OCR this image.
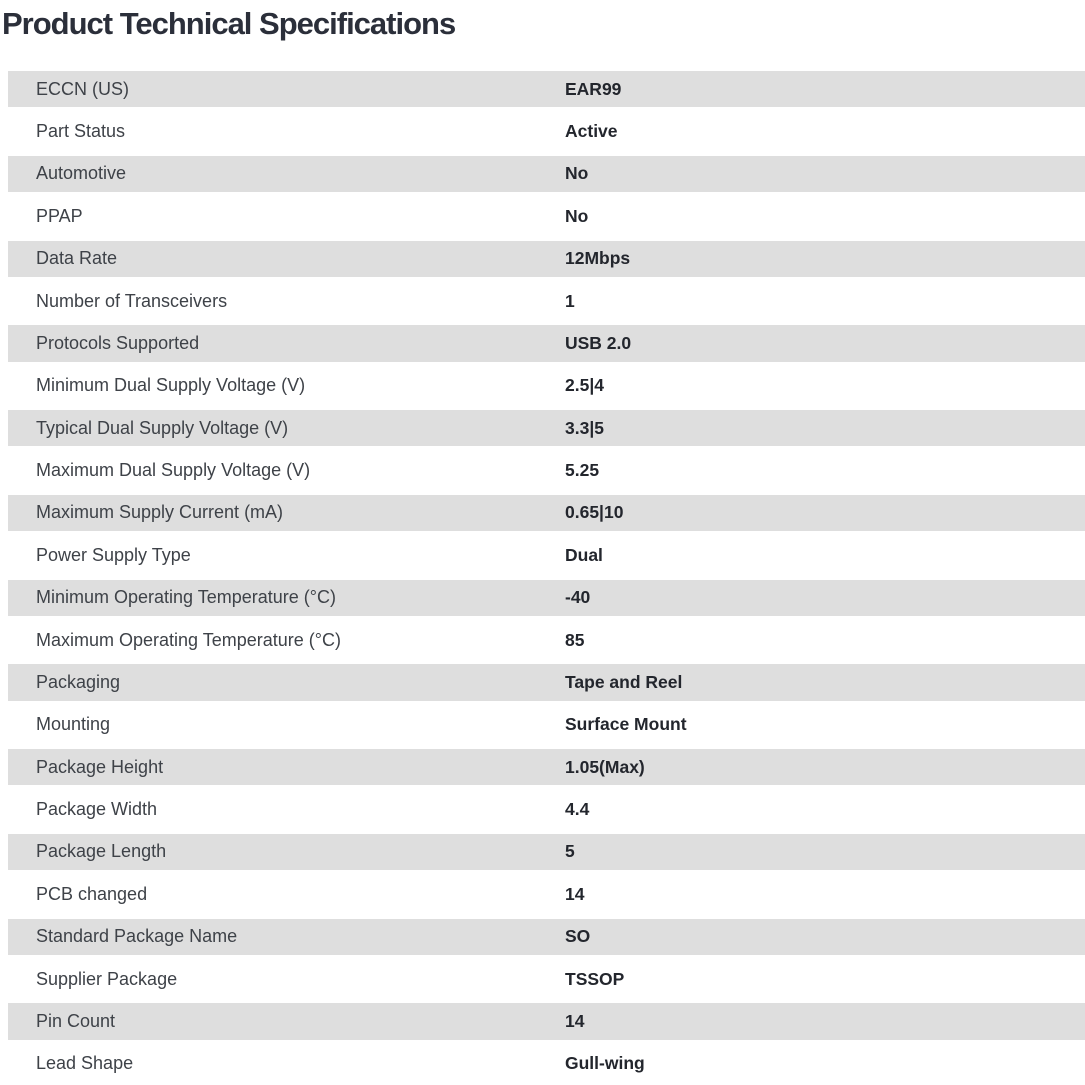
Product Technical Specifications
ECCN (US)	EAR99
Part Status	Active
Automotive	No
PPAP	No
Data Rate	12Mbps
Number of Transceivers	1
Protocols Supported	USB 2.0
Minimum Dual Supply Voltage (V)	2.5|4
Typical Dual Supply Voltage (V)	3.3|5
Maximum Dual Supply Voltage (V)	5.25
Maximum Supply Current (mA)	0.65|10
Power Supply Type	Dual
Minimum Operating Temperature (°C)	-40
Maximum Operating Temperature (°C)	85
Packaging	Tape and Reel
Mounting	Surface Mount
Package Height	1.05(Max)
Package Width	4.4
Package Length	5
PCB changed	14
Standard Package Name	SO
Supplier Package	TSSOP
Pin Count	14
Lead Shape	Gull-wing
